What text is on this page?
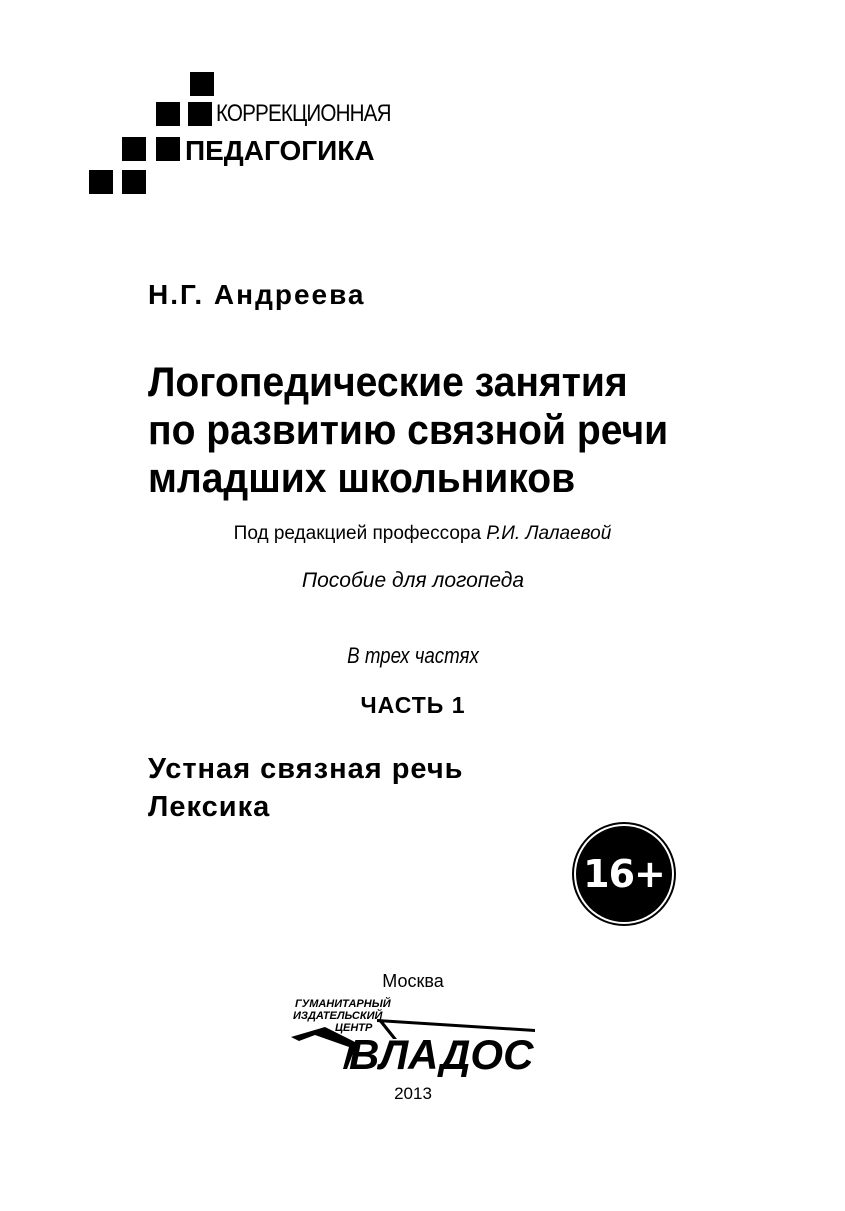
КОРРЕКЦИОННАЯ
ПЕДАГОГИКА
Н.Г. Андреева
Логопедические занятия
по развитию связной речи
младших школьников
Под редакцией профессора Р.И. Лалаевой
Пособие для логопеда
В трех частях
ЧАСТЬ 1
Устная связная речь
Лексика
16+
Москва
ГУМАНИТАРНЫЙ
ИЗДАТЕЛЬСКИЙ
ЦЕНТР
ВЛАДОС
2013
